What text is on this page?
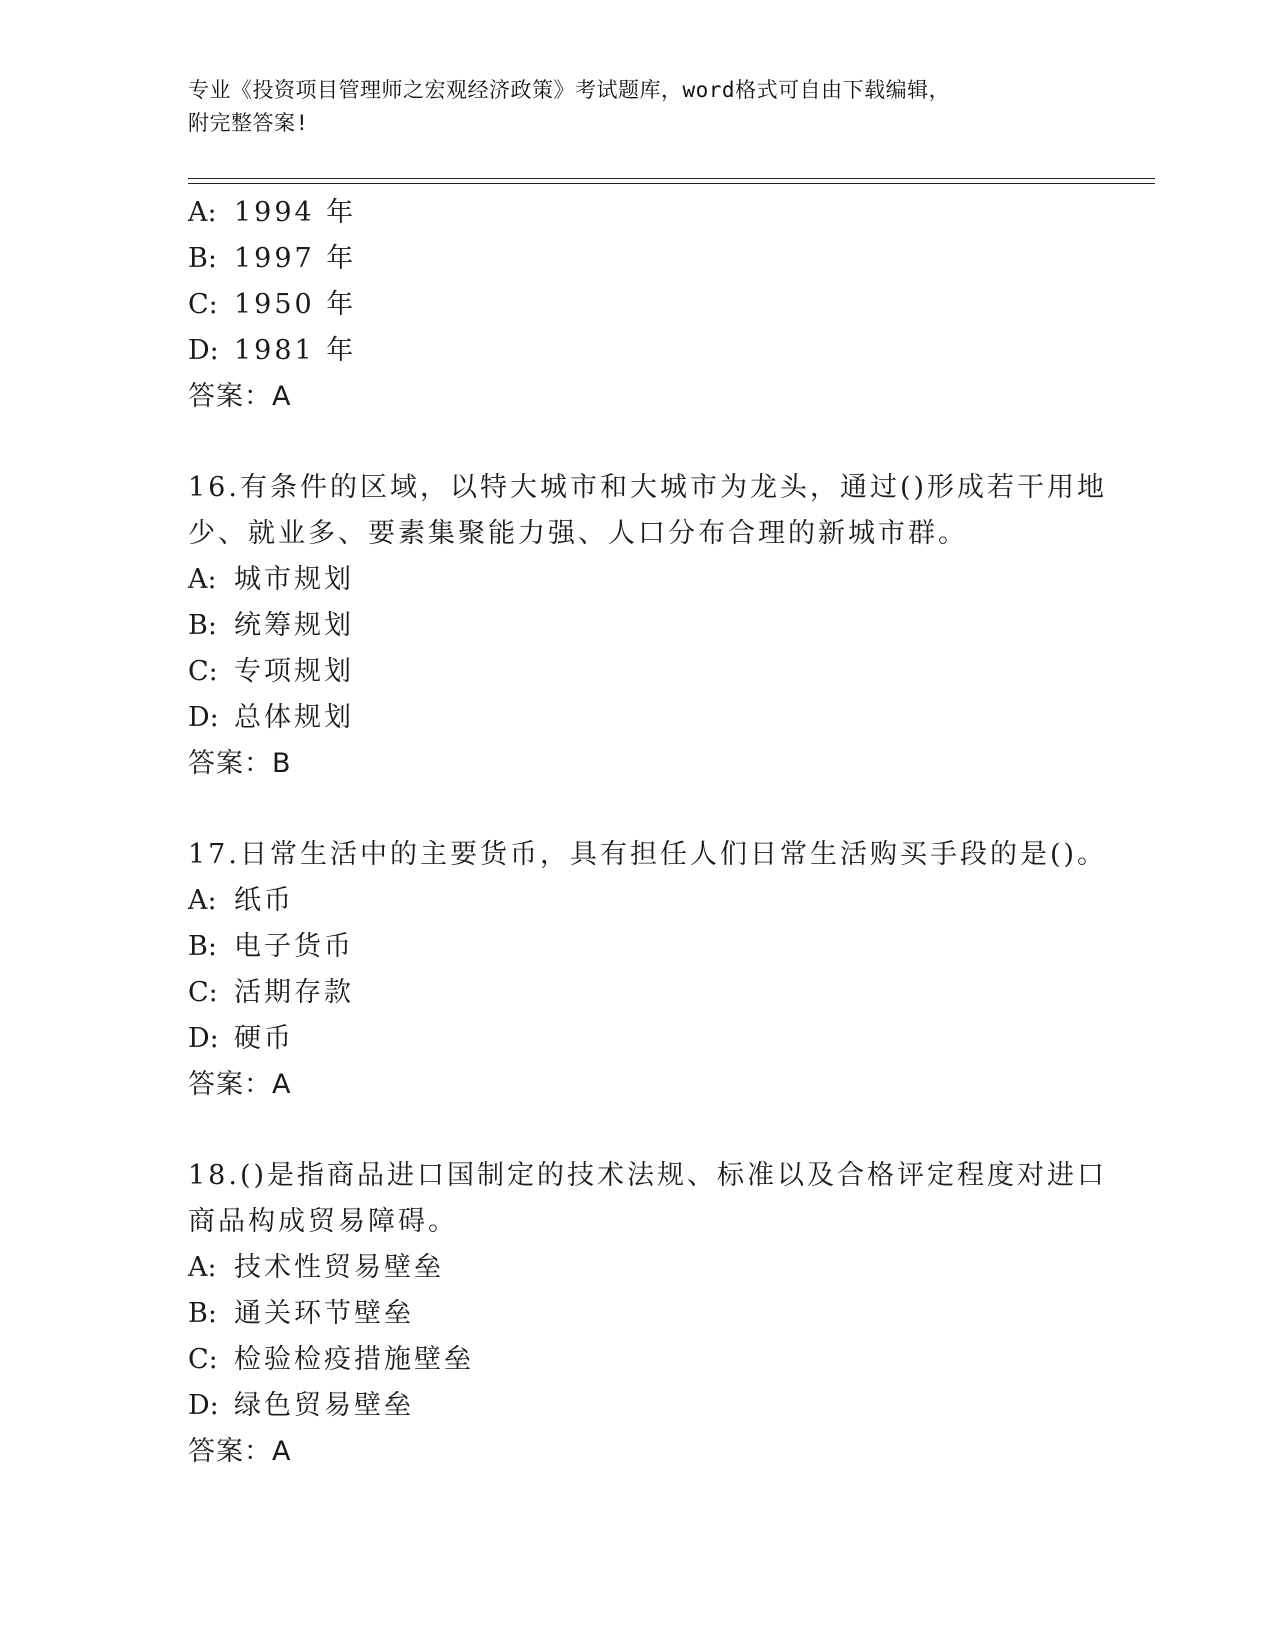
专业《投资项目管理师之宏观经济政策》考试题库，word格式可自由下载编辑，
附完整答案!
A: 1994 年
B: 1997 年
C: 1950 年
D: 1981 年
答案：A
16.有条件的区域，以特大城市和大城市为龙头，通过()形成若干用地
少、就业多、要素集聚能力强、人口分布合理的新城市群。
A: 城市规划
B: 统筹规划
C: 专项规划
D: 总体规划
答案：B
17.日常生活中的主要货币，具有担任人们日常生活购买手段的是()。
A: 纸币
B: 电子货币
C: 活期存款
D: 硬币
答案：A
18.()是指商品进口国制定的技术法规、标准以及合格评定程度对进口
商品构成贸易障碍。
A: 技术性贸易壁垒
B: 通关环节壁垒
C: 检验检疫措施壁垒
D: 绿色贸易壁垒
答案：A
